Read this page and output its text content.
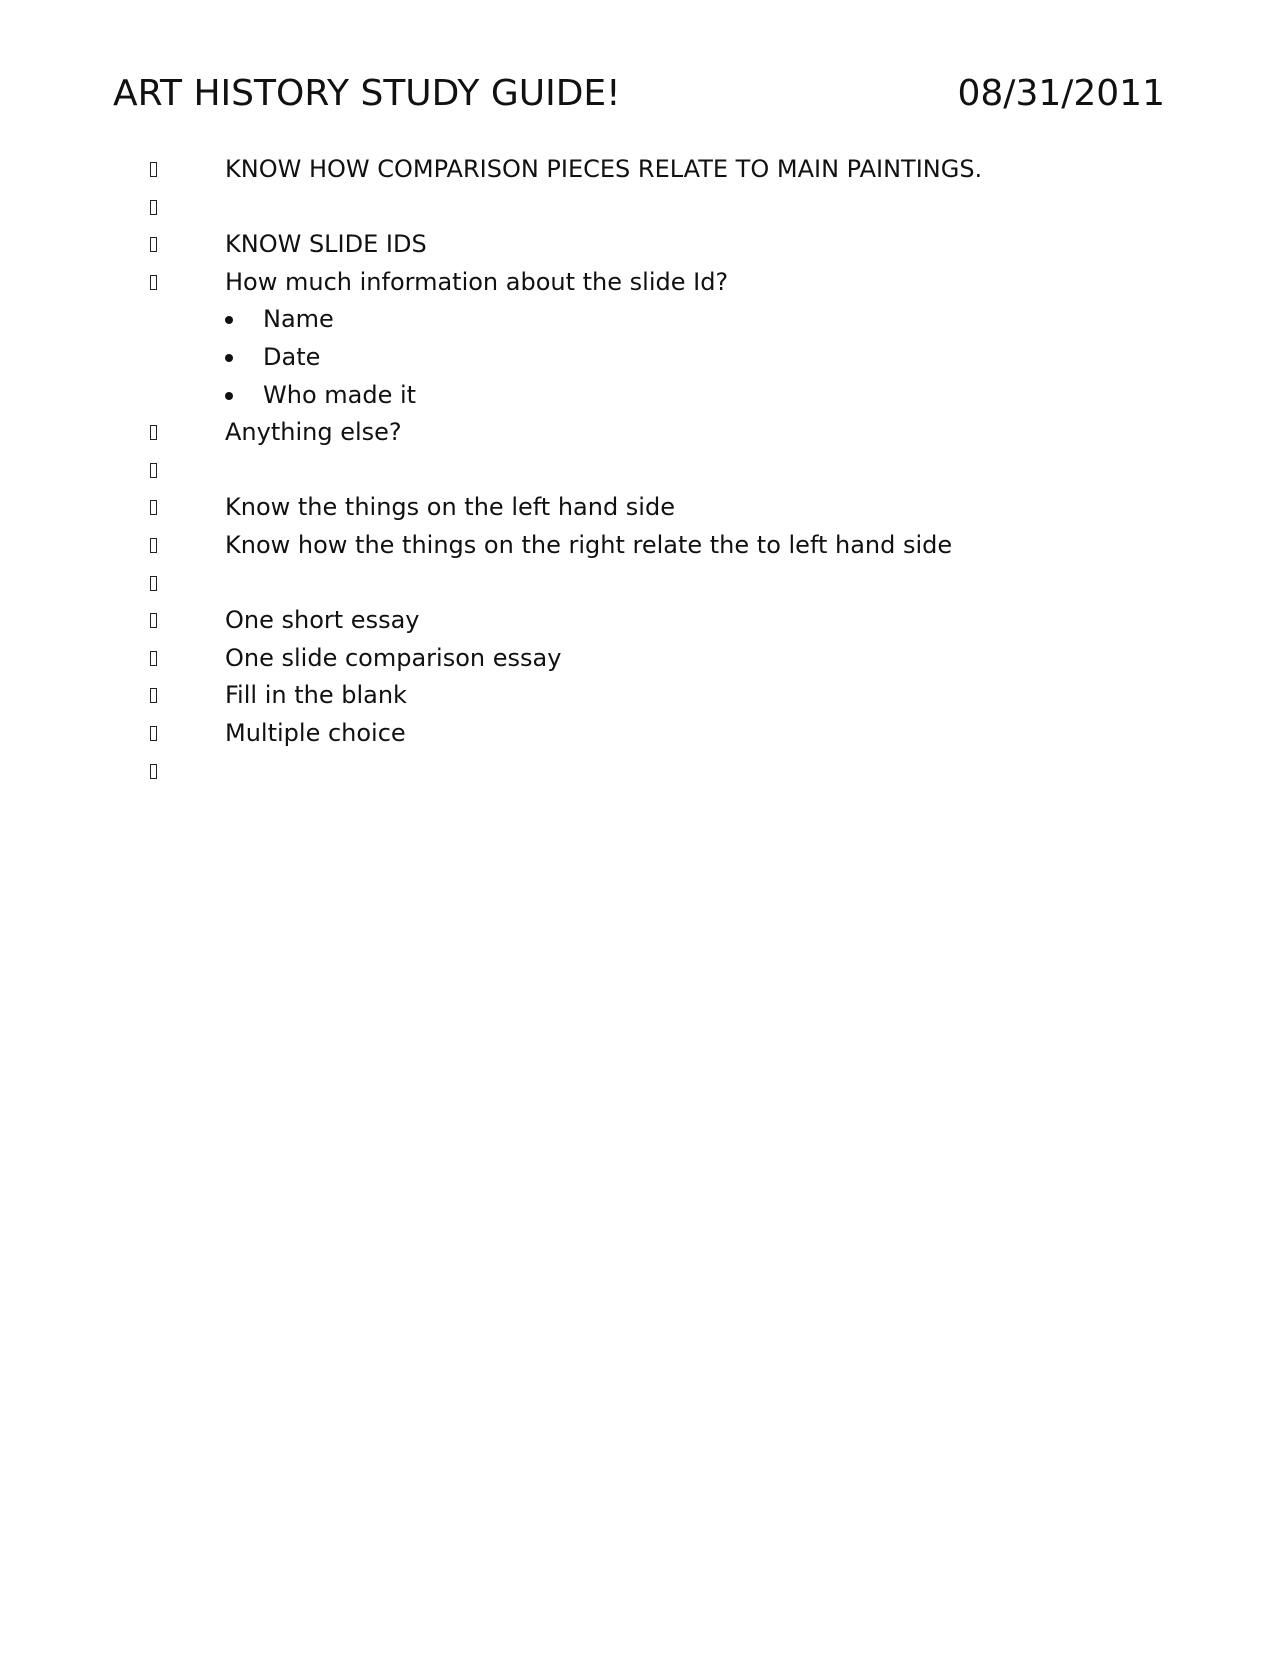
ART HISTORY STUDY GUIDE!	08/31/2011
KNOW HOW COMPARISON PIECES RELATE TO MAIN PAINTINGS.
KNOW SLIDE IDS
How much information about the slide Id?
Name
Date
Who made it
Anything else?
Know the things on the left hand side
Know how the things on the right relate the to left hand side
One short essay
One slide comparison essay
Fill in the blank
Multiple choice
